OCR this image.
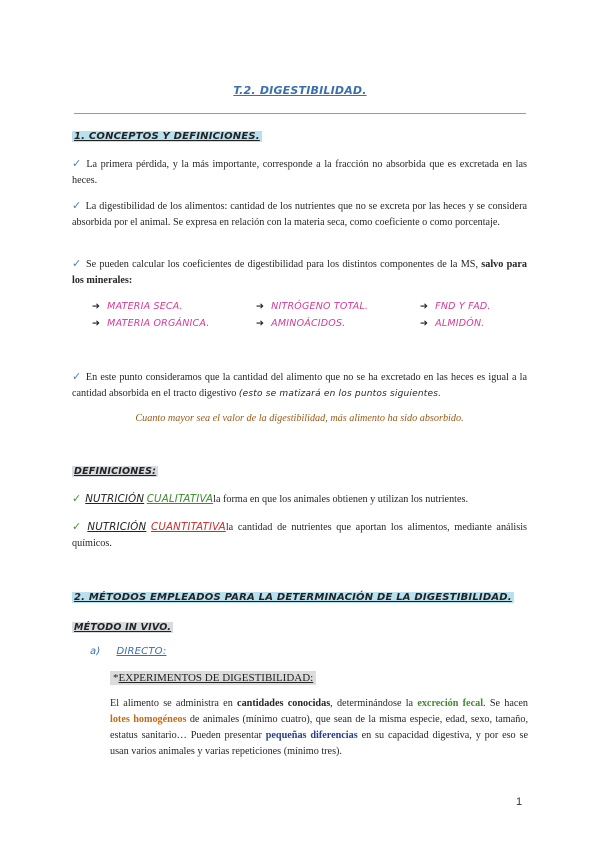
T.2. DIGESTIBILIDAD.
1. CONCEPTOS Y DEFINICIONES.
✓ La primera pérdida, y la más importante, corresponde a la fracción no absorbida que es excretada en las heces.
✓ La digestibilidad de los alimentos: cantidad de los nutrientes que no se excreta por las heces y se considera absorbida por el animal. Se expresa en relación con la materia seca, como coeficiente o como porcentaje.
✓ Se pueden calcular los coeficientes de digestibilidad para los distintos componentes de la MS, salvo para los minerales:
➔ MATERIA SECA.
➔ MATERIA ORGÁNICA.
➔ NITRÓGENO TOTAL.
➔ AMINOÁCIDOS.
➔ FND Y FAD.
➔ ALMIDÓN.
✓ En este punto consideramos que la cantidad del alimento que no se ha excretado en las heces es igual a la cantidad absorbida en el tracto digestivo (esto se matizará en los puntos siguientes.
Cuanto mayor sea el valor de la digestibilidad, más alimento ha sido absorbido.
DEFINICIONES:
✓ NUTRICIÓN CUALITATIVAla forma en que los animales obtienen y utilizan los nutrientes.
✓ NUTRICIÓN CUANTITATIVAla cantidad de nutrientes que aportan los alimentos, mediante análisis químicos.
2. MÉTODOS EMPLEADOS PARA LA DETERMINACIÓN DE LA DIGESTIBILIDAD.
MÉTODO IN VIVO.
a) DIRECTO:
*EXPERIMENTOS DE DIGESTIBILIDAD:
El alimento se administra en cantidades conocidas, determinándose la excreción fecal. Se hacen lotes homogéneos de animales (mínimo cuatro), que sean de la misma especie, edad, sexo, tamaño, estatus sanitario… Pueden presentar pequeñas diferencias en su capacidad digestiva, y por eso se usan varios animales y varias repeticiones (mínimo tres).
1
